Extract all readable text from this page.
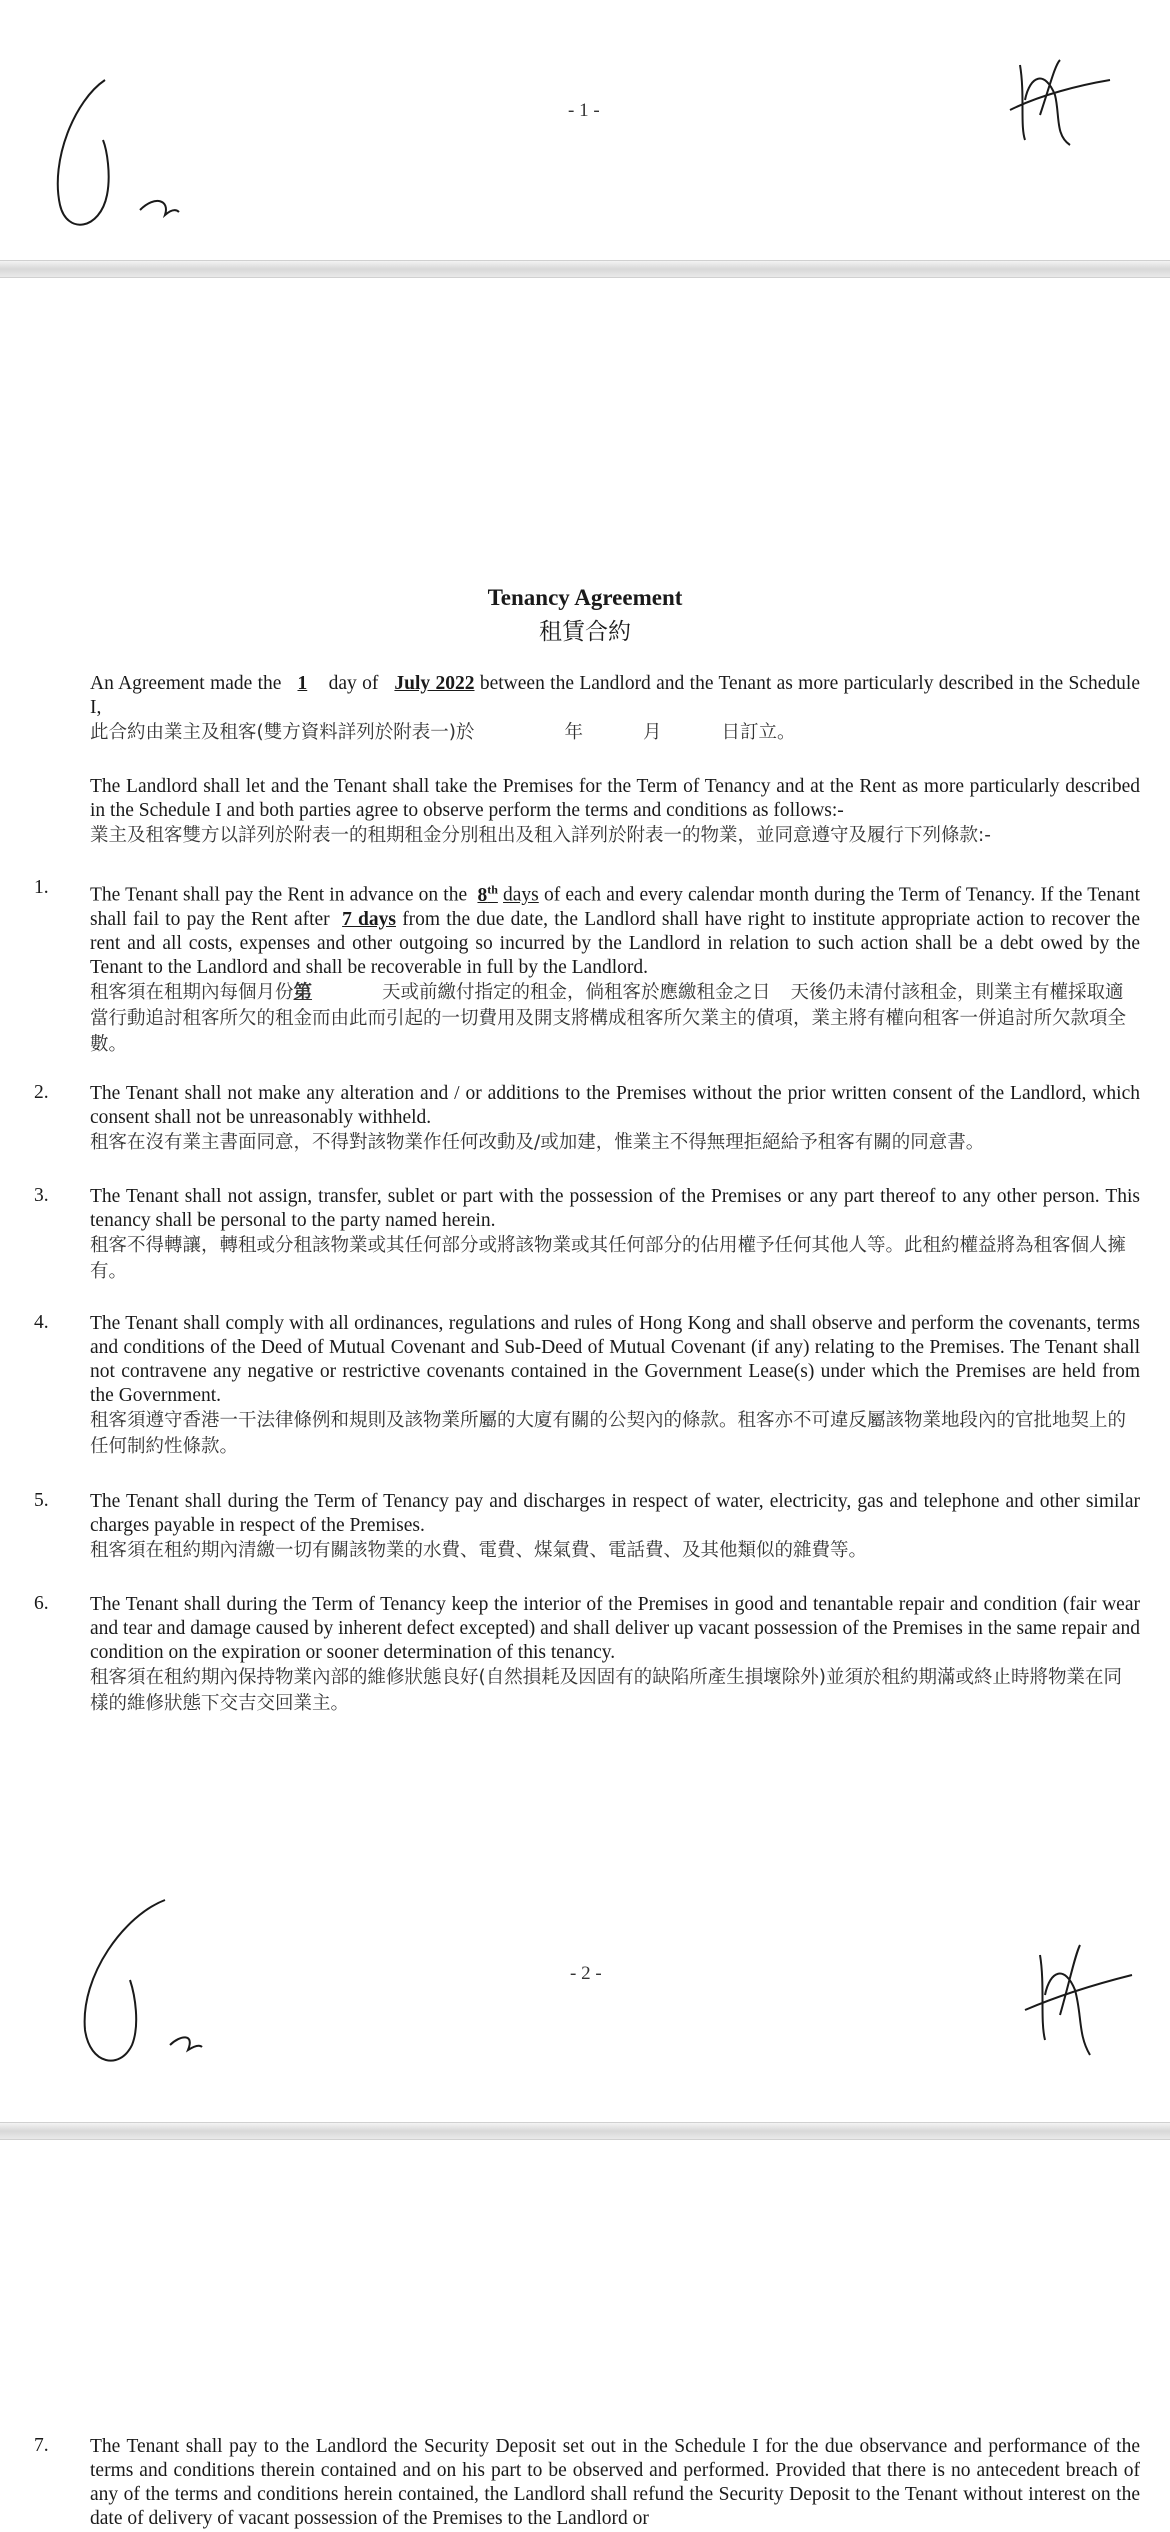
- 1 -
Tenancy Agreement
租賃合約

An Agreement made the 1 day of July 2022 between the Landlord and the Tenant as more particularly described in the Schedule I,

此合約由業主及租客(雙方資料詳列於附表一)於	年	月	日訂立。

The Landlord shall let and the Tenant shall take the Premises for the Term of Tenancy and at the Rent as more particularly described in the Schedule I and both parties agree to observe perform the terms and conditions as follows:-

業主及租客雙方以詳列於附表一的租期租金分別租出及租入詳列於附表一的物業，並同意遵守及履行下列條款:-

1. The Tenant shall pay the Rent in advance on the 8th days of each and every calendar month during the Term of Tenancy. If the Tenant shall fail to pay the Rent after 7 days from the due date, the Landlord shall have right to institute appropriate action to recover the rent and all costs, expenses and other outgoing so incurred by the Landlord in relation to such action shall be a debt owed by the Tenant to the Landlord and shall be recoverable in full by the Landlord.

租客須在租期內每個月份第	天或前繳付指定的租金，倘租客於應繳租金之日 天後仍未清付該租金，則業主有權採取適當行動追討租客所欠的租金而由此而引起的一切費用及開支將構成租客所欠業主的債項，業主將有權向租客一併追討所欠款項全數。

2. The Tenant shall not make any alteration and / or additions to the Premises without the prior written consent of the Landlord, which consent shall not be unreasonably withheld.

租客在沒有業主書面同意，不得對該物業作任何改動及/或加建，惟業主不得無理拒絕給予租客有關的同意書。

3. The Tenant shall not assign, transfer, sublet or part with the possession of the Premises or any part thereof to any other person. This tenancy shall be personal to the party named herein.

租客不得轉讓，轉租或分租該物業或其任何部分或將該物業或其任何部分的佔用權予任何其他人等。此租約權益將為租客個人擁有。

4. The Tenant shall comply with all ordinances, regulations and rules of Hong Kong and shall observe and perform the covenants, terms and conditions of the Deed of Mutual Covenant and Sub-Deed of Mutual Covenant (if any) relating to the Premises. The Tenant shall not contravene any negative or restrictive covenants contained in the Government Lease(s) under which the Premises are held from the Government.

租客須遵守香港一干法律條例和規則及該物業所屬的大廈有關的公契內的條款。租客亦不可違反屬該物業地段內的官批地契上的任何制約性條款。

5. The Tenant shall during the Term of Tenancy pay and discharges in respect of water, electricity, gas and telephone and other similar charges payable in respect of the Premises.

租客須在租約期內清繳一切有關該物業的水費、電費、煤氣費、電話費、及其他類似的雜費等。

6. The Tenant shall during the Term of Tenancy keep the interior of the Premises in good and tenantable repair and condition (fair wear and tear and damage caused by inherent defect excepted) and shall deliver up vacant possession of the Premises in the same repair and condition on the expiration or sooner determination of this tenancy.

租客須在租約期內保持物業內部的維修狀態良好(自然損耗及因固有的缺陷所產生損壞除外)並須於租約期滿或終止時將物業在同樣的維修狀態下交吉交回業主。

- 2 -
7. The Tenant shall pay to the Landlord the Security Deposit set out in the Schedule I for the due observance and performance of the terms and conditions therein contained and on his part to be observed and performed. Provided that there is no antecedent breach of any of the terms and conditions herein contained, the Landlord shall refund the Security Deposit to the Tenant without interest on the date of delivery of vacant possession of the Premises to the Landlord or
